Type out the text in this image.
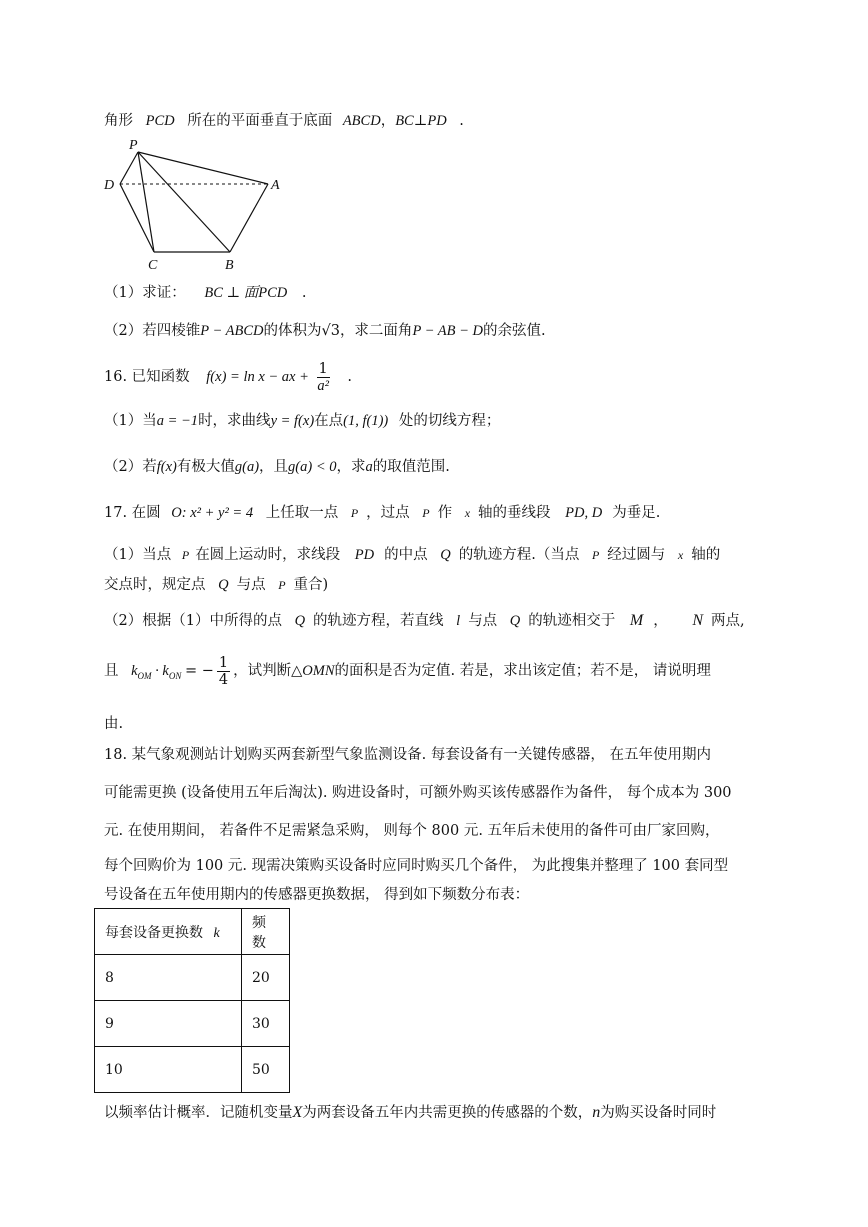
角形 PCD 所在的平面垂直于底面 ABCD，BC⊥PD .
P
D	A
C	B
（1）求证： BC ⊥ 面PCD .
（2）若四棱锥P − ABCD的体积为√3，求二面角P − AB − D的余弦值.
16. 已知函数 f(x) = ln x − ax + $\frac{1}{\text{a²}}$ .
（1）当a = −1时，求曲线y = f(x)在点(1, f(1)) 处的切线方程；
（2）若f(x)有极大值g(a)，且g(a) < 0，求a的取值范围.
17. 在圆 O: x² + y² = 4 上任取一点 P ，过点 P 作 x 轴的垂线段 PD, D 为垂足.
（1）当点 P 在圆上运动时，求线段 PD 的中点 Q 的轨迹方程.（当点 P 经过圆与 x 轴的
交点时，规定点 Q 与点 P 重合)
（2）根据（1）中所得的点 Q 的轨迹方程，若直线 l 与点 Q 的轨迹相交于 M ， N 两点,
且 $k_{OM} \cdot k_{ON}$ = − $\frac{1}{4}$ ，试判断△OMN的面积是否为定值. 若是，求出该定值；若不是， 请说明理
由.
18. 某气象观测站计划购买两套新型气象监测设备. 每套设备有一关键传感器， 在五年使用期内
可能需更换 (设备使用五年后淘汰). 购进设备时，可额外购买该传感器作为备件， 每个成本为 300
元. 在使用期间， 若备件不足需紧急采购， 则每个 800 元. 五年后未使用的备件可由厂家回购，
每个回购价为 100 元. 现需决策购买设备时应同时购买几个备件， 为此搜集并整理了 100 套同型
号设备在五年使用期内的传感器更换数据， 得到如下频数分布表：
每套设备更换数 k	频数
8	20
9	30
10	50
以频率估计概率．记随机变量X为两套设备五年内共需更换的传感器的个数，n为购买设备时同时
